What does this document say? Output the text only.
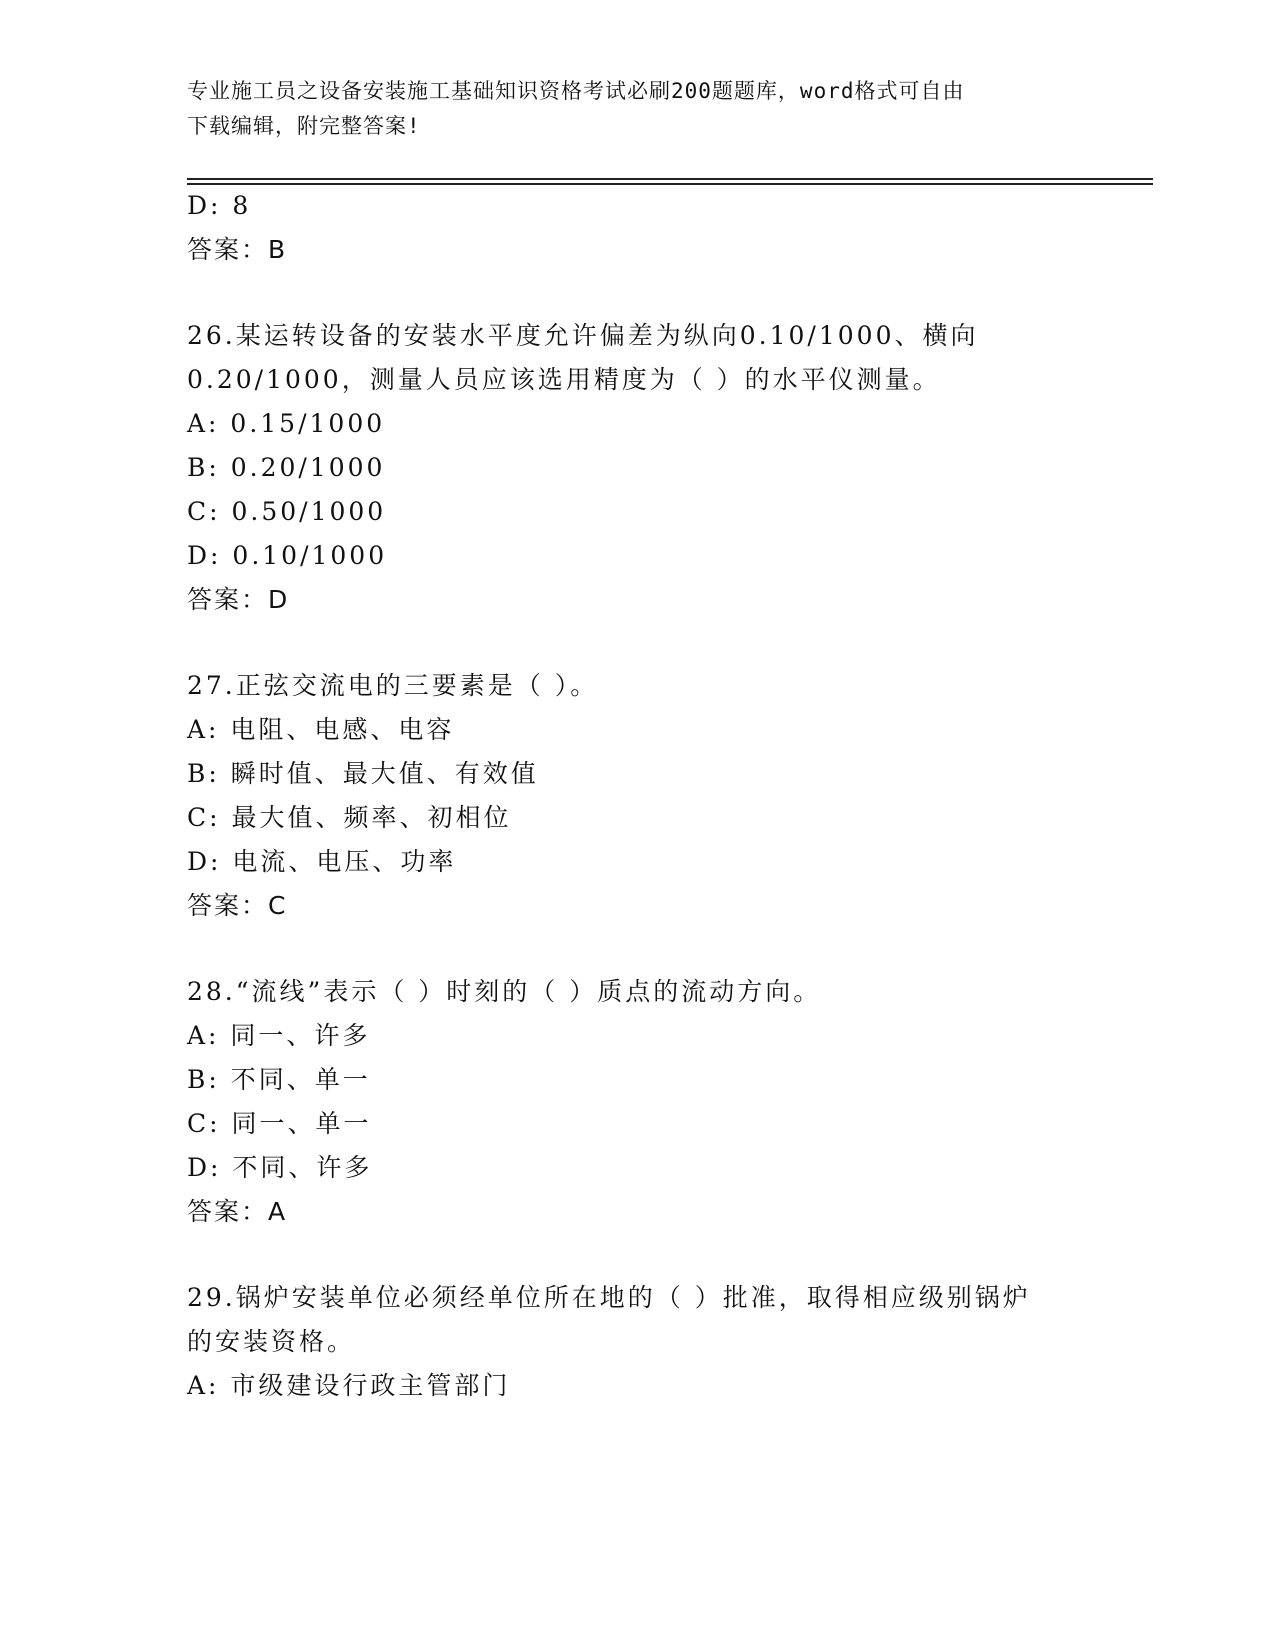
专业施工员之设备安装施工基础知识资格考试必刷200题题库，word格式可自由
下载编辑，附完整答案!
D: 8
答案：B
26.某运转设备的安装水平度允许偏差为纵向0.10/1000、横向
0.20/1000，测量人员应该选用精度为（ ）的水平仪测量。
A: 0.15/1000
B: 0.20/1000
C: 0.50/1000
D: 0.10/1000
答案：D
27.正弦交流电的三要素是（ ）。
A: 电阻、电感、电容
B: 瞬时值、最大值、有效值
C: 最大值、频率、初相位
D: 电流、电压、功率
答案：C
28.“流线”表示（ ）时刻的（ ）质点的流动方向。
A: 同一、许多
B: 不同、单一
C: 同一、单一
D: 不同、许多
答案：A
29.锅炉安装单位必须经单位所在地的（ ）批准，取得相应级别锅炉
的安装资格。
A: 市级建设行政主管部门
